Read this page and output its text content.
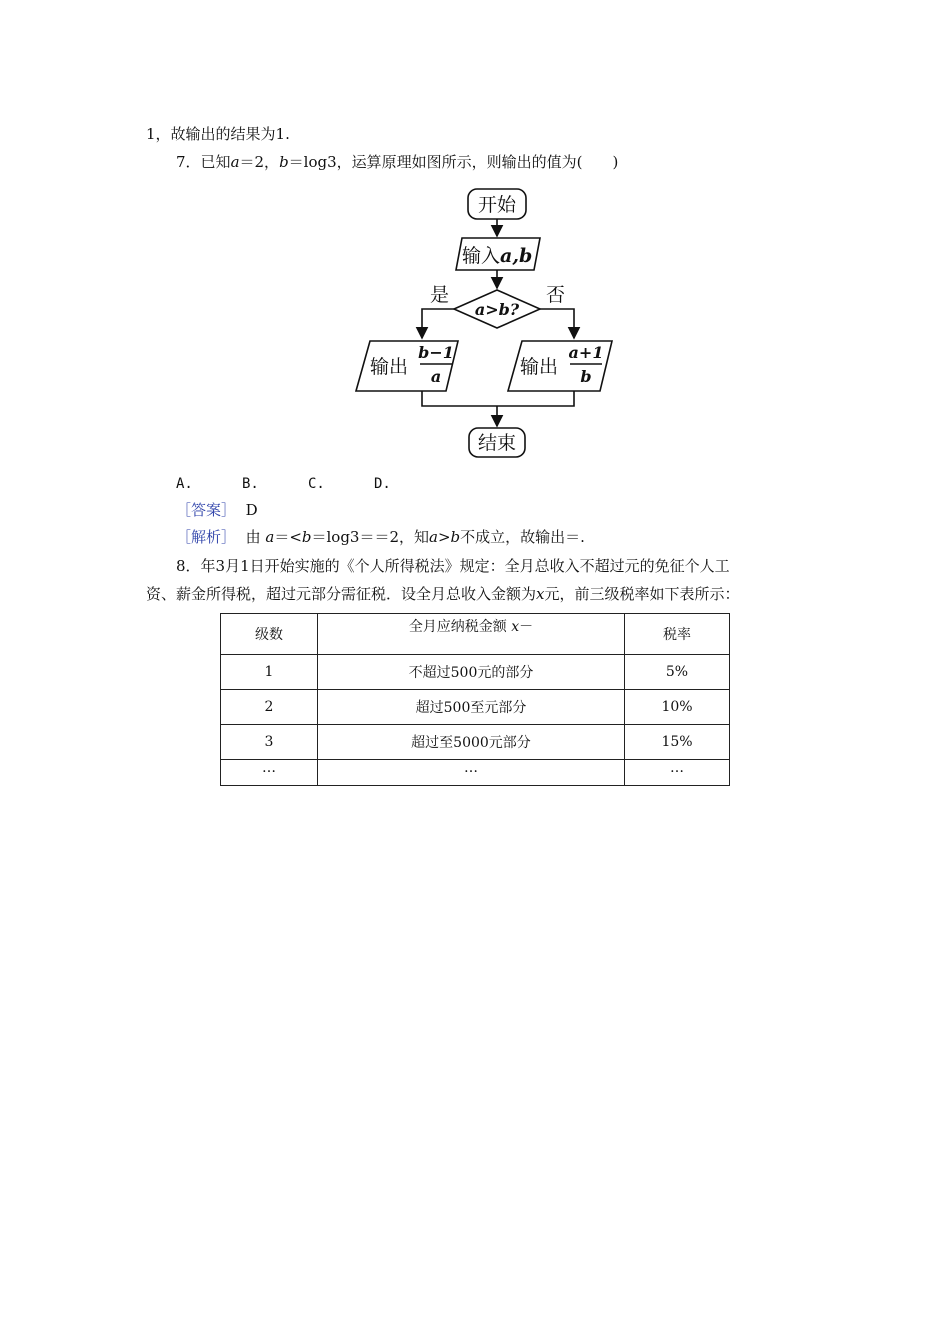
1，故输出的结果为1.
7．已知a＝2，b＝log3，运算原理如图所示，则输出的值为(　　)
开始
输入a,b
a>b?
是	否
输出
b−1
a	输出
a+1
b
结束
A.	B.	C.	D.
［答案］ D
［解析］ 由 a＝<b＝log3＝＝2，知a>b不成立，故输出＝.
8．年3月1日开始实施的《个人所得税法》规定：全月总收入不超过元的免征个人工
资、薪金所得税，超过元部分需征税．设全月总收入金额为x元，前三级税率如下表所示：
级数	全月应纳税金额 x－	税率
1	不超过500元的部分	5%
2	超过500至元部分	10%
3	超过至5000元部分	15%
…	…	…
